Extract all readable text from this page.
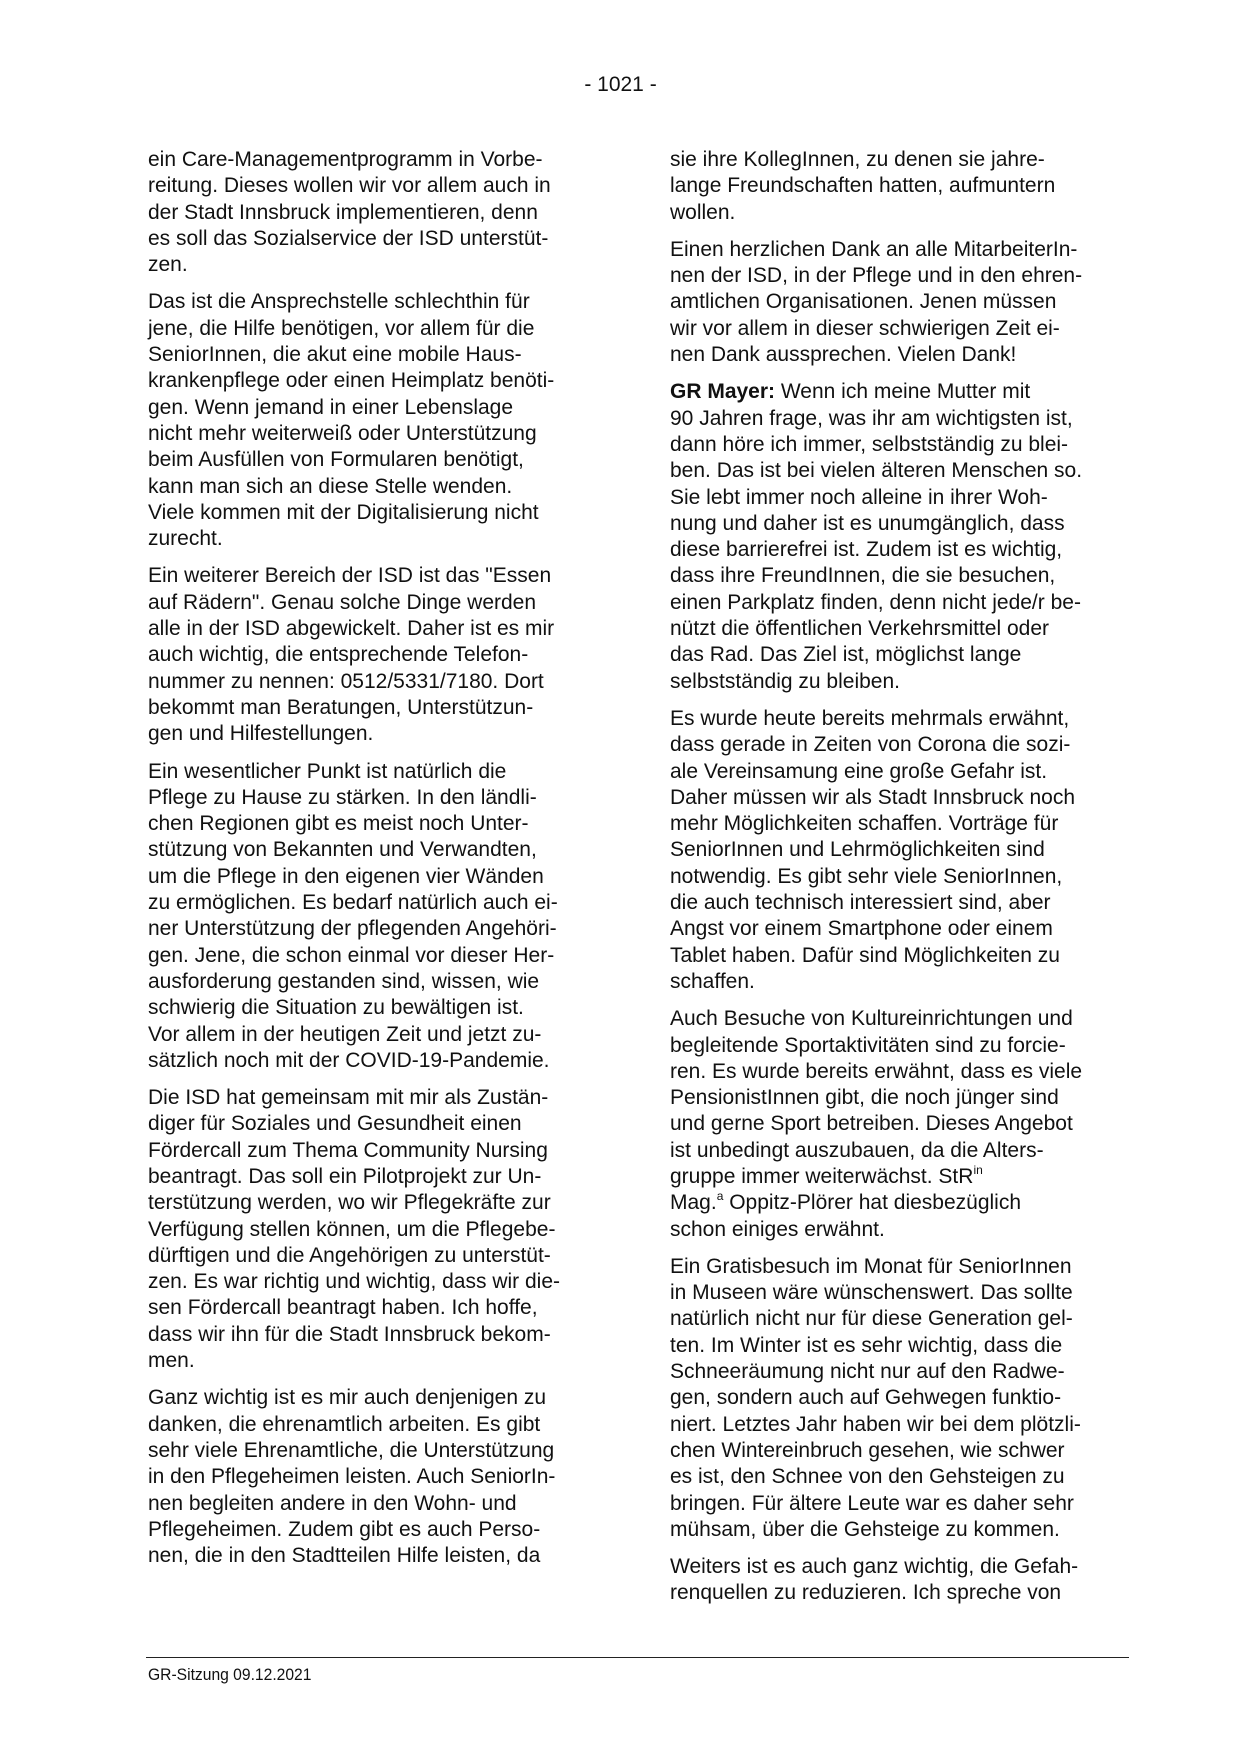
- 1021 -

ein Care-Managementprogramm in Vorbe-
reitung. Dieses wollen wir vor allem auch in
der Stadt Innsbruck implementieren, denn
es soll das Sozialservice der ISD unterstüt-
zen.

Das ist die Ansprechstelle schlechthin für
jene, die Hilfe benötigen, vor allem für die
SeniorInnen, die akut eine mobile Haus-
krankenpflege oder einen Heimplatz benöti-
gen. Wenn jemand in einer Lebenslage
nicht mehr weiterweiß oder Unterstützung
beim Ausfüllen von Formularen benötigt,
kann man sich an diese Stelle wenden.
Viele kommen mit der Digitalisierung nicht
zurecht.

Ein weiterer Bereich der ISD ist das "Essen
auf Rädern". Genau solche Dinge werden
alle in der ISD abgewickelt. Daher ist es mir
auch wichtig, die entsprechende Telefon-
nummer zu nennen: 0512/5331/7180. Dort
bekommt man Beratungen, Unterstützun-
gen und Hilfestellungen.

Ein wesentlicher Punkt ist natürlich die
Pflege zu Hause zu stärken. In den ländli-
chen Regionen gibt es meist noch Unter-
stützung von Bekannten und Verwandten,
um die Pflege in den eigenen vier Wänden
zu ermöglichen. Es bedarf natürlich auch ei-
ner Unterstützung der pflegenden Angehöri-
gen. Jene, die schon einmal vor dieser Her-
ausforderung gestanden sind, wissen, wie
schwierig die Situation zu bewältigen ist.
Vor allem in der heutigen Zeit und jetzt zu-
sätzlich noch mit der COVID-19-Pandemie.

Die ISD hat gemeinsam mit mir als Zustän-
diger für Soziales und Gesundheit einen
Fördercall zum Thema Community Nursing
beantragt. Das soll ein Pilotprojekt zur Un-
terstützung werden, wo wir Pflegekräfte zur
Verfügung stellen können, um die Pflegebe-
dürftigen und die Angehörigen zu unterstüt-
zen. Es war richtig und wichtig, dass wir die-
sen Fördercall beantragt haben. Ich hoffe,
dass wir ihn für die Stadt Innsbruck bekom-
men.

Ganz wichtig ist es mir auch denjenigen zu
danken, die ehrenamtlich arbeiten. Es gibt
sehr viele Ehrenamtliche, die Unterstützung
in den Pflegeheimen leisten. Auch SeniorIn-
nen begleiten andere in den Wohn- und
Pflegeheimen. Zudem gibt es auch Perso-
nen, die in den Stadtteilen Hilfe leisten, da

sie ihre KollegInnen, zu denen sie jahre-
lange Freundschaften hatten, aufmuntern
wollen.

Einen herzlichen Dank an alle MitarbeiterIn-
nen der ISD, in der Pflege und in den ehren-
amtlichen Organisationen. Jenen müssen
wir vor allem in dieser schwierigen Zeit ei-
nen Dank aussprechen. Vielen Dank!

GR Mayer: Wenn ich meine Mutter mit
90 Jahren frage, was ihr am wichtigsten ist,
dann höre ich immer, selbstständig zu blei-
ben. Das ist bei vielen älteren Menschen so.
Sie lebt immer noch alleine in ihrer Woh-
nung und daher ist es unumgänglich, dass
diese barrierefrei ist. Zudem ist es wichtig,
dass ihre FreundInnen, die sie besuchen,
einen Parkplatz finden, denn nicht jede/r be-
nützt die öffentlichen Verkehrsmittel oder
das Rad. Das Ziel ist, möglichst lange
selbstständig zu bleiben.

Es wurde heute bereits mehrmals erwähnt,
dass gerade in Zeiten von Corona die sozi-
ale Vereinsamung eine große Gefahr ist.
Daher müssen wir als Stadt Innsbruck noch
mehr Möglichkeiten schaffen. Vorträge für
SeniorInnen und Lehrmöglichkeiten sind
notwendig. Es gibt sehr viele SeniorInnen,
die auch technisch interessiert sind, aber
Angst vor einem Smartphone oder einem
Tablet haben. Dafür sind Möglichkeiten zu
schaffen.

Auch Besuche von Kultureinrichtungen und
begleitende Sportaktivitäten sind zu forcie-
ren. Es wurde bereits erwähnt, dass es viele
PensionistInnen gibt, die noch jünger sind
und gerne Sport betreiben. Dieses Angebot
ist unbedingt auszubauen, da die Alters-
gruppe immer weiterwächst. StR$^{in}$
Mag.$^a$ Oppitz-Plörer hat diesbezüglich
schon einiges erwähnt.

Ein Gratisbesuch im Monat für SeniorInnen
in Museen wäre wünschenswert. Das sollte
natürlich nicht nur für diese Generation gel-
ten. Im Winter ist es sehr wichtig, dass die
Schneeräumung nicht nur auf den Radwe-
gen, sondern auch auf Gehwegen funktio-
niert. Letztes Jahr haben wir bei dem plötzli-
chen Wintereinbruch gesehen, wie schwer
es ist, den Schnee von den Gehsteigen zu
bringen. Für ältere Leute war es daher sehr
mühsam, über die Gehsteige zu kommen.

Weiters ist es auch ganz wichtig, die Gefah-
renquellen zu reduzieren. Ich spreche von

GR-Sitzung 09.12.2021
